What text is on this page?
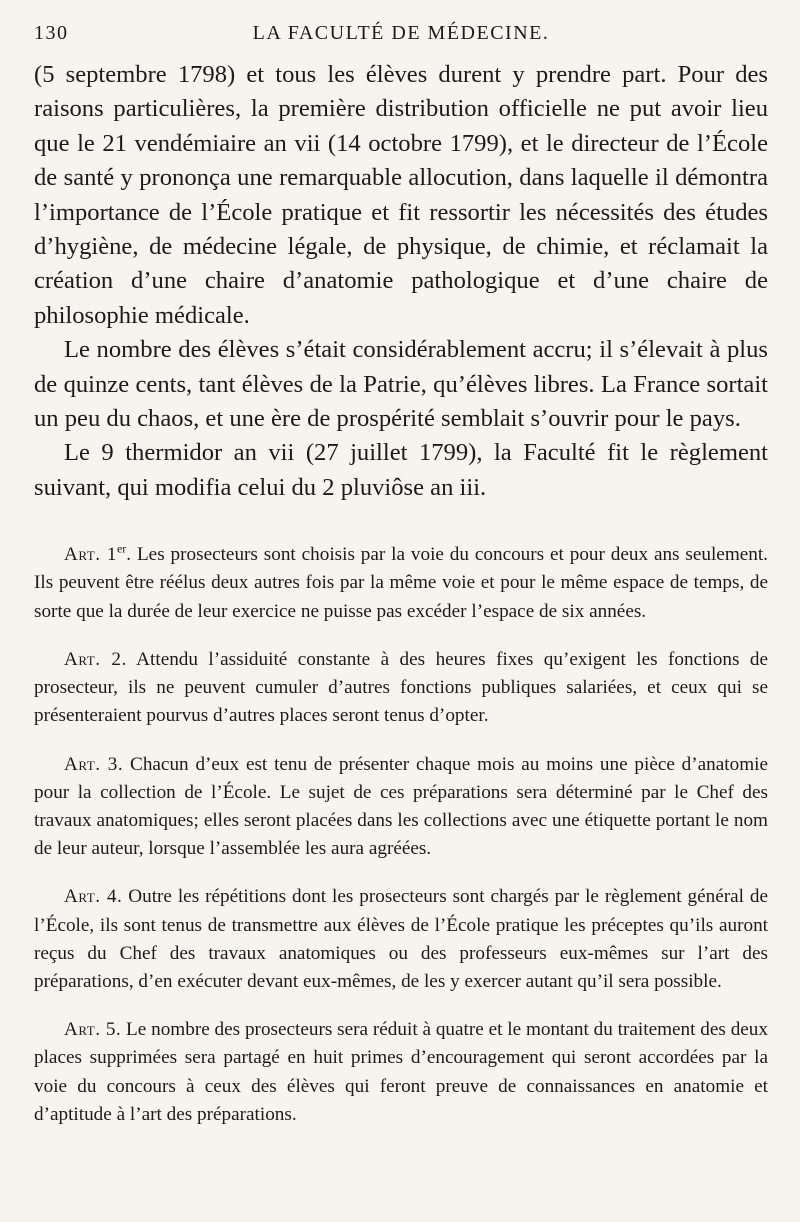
130	LA FACULTÉ DE MÉDECINE.

(5 septembre 1798) et tous les élèves durent y prendre part. Pour des raisons particulières, la première distribution officielle ne put avoir lieu que le 21 vendémiaire an vii (14 octobre 1799), et le directeur de l’École de santé y prononça une remarquable allocution, dans laquelle il démontra l’importance de l’École pratique et fit ressortir les nécessités des études d’hygiène, de médecine légale, de physique, de chimie, et réclamait la création d’une chaire d’anatomie pathologique et d’une chaire de philosophie médicale.

Le nombre des élèves s’était considérablement accru; il s’élevait à plus de quinze cents, tant élèves de la Patrie, qu’élèves libres. La France sortait un peu du chaos, et une ère de prospérité semblait s’ouvrir pour le pays.

Le 9 thermidor an vii (27 juillet 1799), la Faculté fit le règlement suivant, qui modifia celui du 2 pluviôse an iii.

Art. 1er. Les prosecteurs sont choisis par la voie du concours et pour deux ans seulement. Ils peuvent être réélus deux autres fois par la même voie et pour le même espace de temps, de sorte que la durée de leur exercice ne puisse pas excéder l’espace de six années.

Art. 2. Attendu l’assiduité constante à des heures fixes qu’exigent les fonctions de prosecteur, ils ne peuvent cumuler d’autres fonctions publiques salariées, et ceux qui se présenteraient pourvus d’autres places seront tenus d’opter.

Art. 3. Chacun d’eux est tenu de présenter chaque mois au moins une pièce d’anatomie pour la collection de l’École. Le sujet de ces préparations sera déterminé par le Chef des travaux anatomiques; elles seront placées dans les collections avec une étiquette portant le nom de leur auteur, lorsque l’assemblée les aura agréées.

Art. 4. Outre les répétitions dont les prosecteurs sont chargés par le règlement général de l’École, ils sont tenus de transmettre aux élèves de l’École pratique les préceptes qu’ils auront reçus du Chef des travaux anatomiques ou des professeurs eux-mêmes sur l’art des préparations, d’en exécuter devant eux-mêmes, de les y exercer autant qu’il sera possible.

Art. 5. Le nombre des prosecteurs sera réduit à quatre et le montant du traitement des deux places supprimées sera partagé en huit primes d’encouragement qui seront accordées par la voie du concours à ceux des élèves qui feront preuve de connaissances en anatomie et d’aptitude à l’art des préparations.
